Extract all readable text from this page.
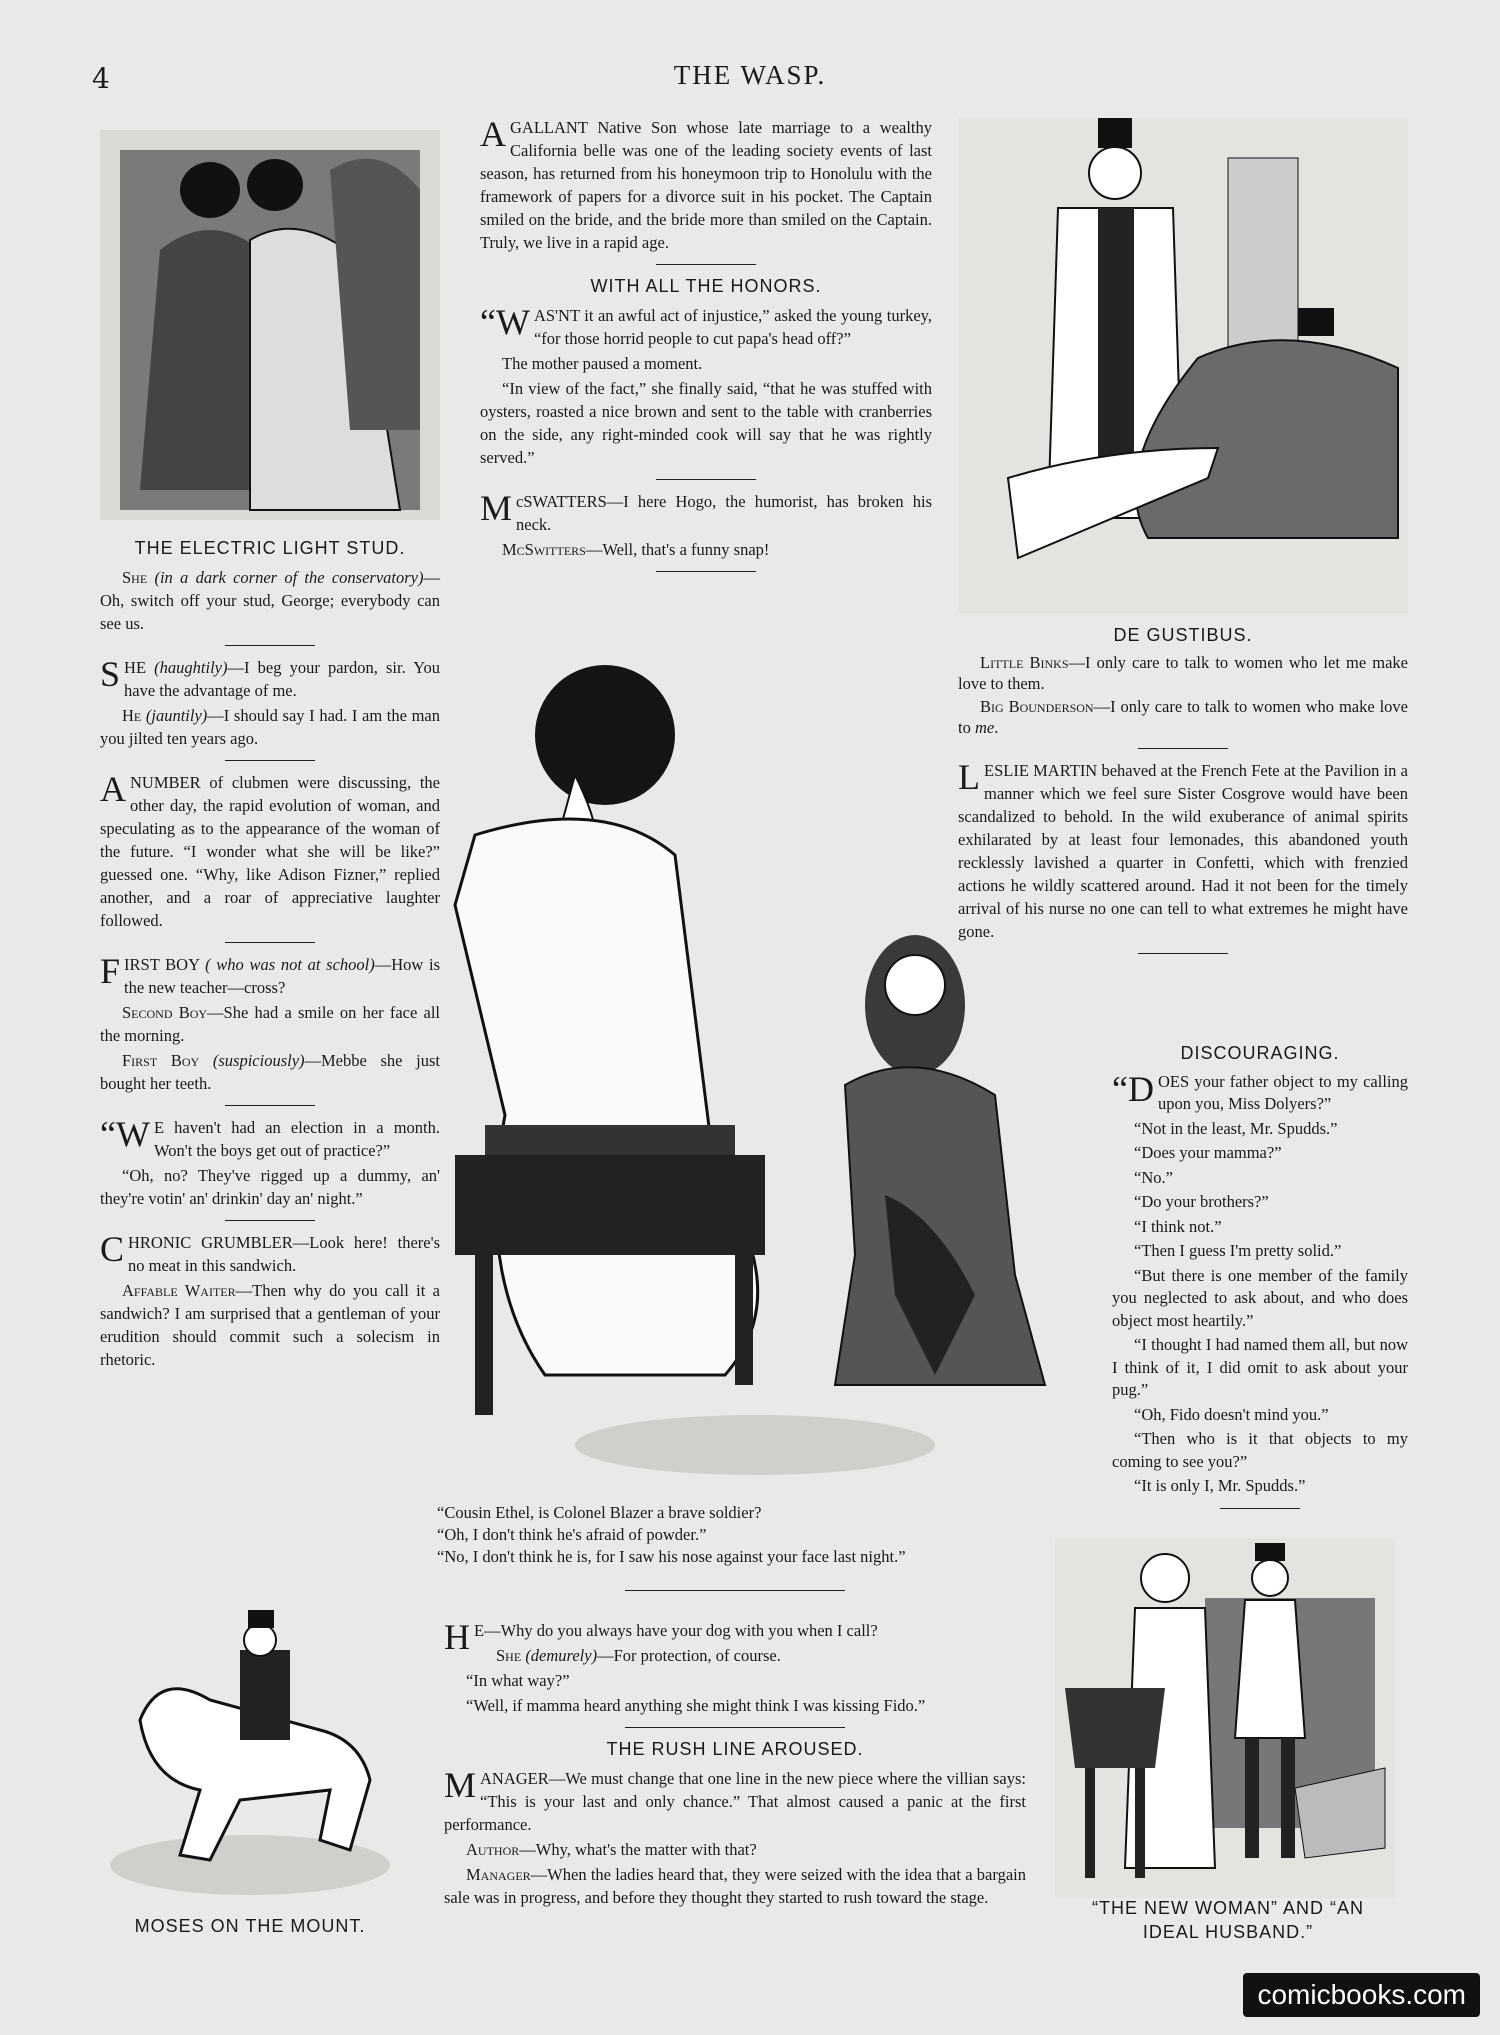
4	THE WASP.
THE ELECTRIC LIGHT STUD.

She (in a dark corner of the conservatory)—Oh, switch off your stud, George; everybody can see us.

SHE (haughtily)—I beg your pardon, sir. You have the advantage of me.

He (jauntily)—I should say I had. I am the man you jilted ten years ago.

A NUMBER of clubmen were discussing, the other day, the rapid evolution of woman, and speculating as to the appearance of the woman of the future. “I wonder what she will be like?” guessed one. “Why, like Adison Fizner,” replied another, and a roar of appreciative laughter followed.

FIRST BOY ( who was not at school)—How is the new teacher—cross?

Second Boy—She had a smile on her face all the morning.

First Boy (suspiciously)—Mebbe she just bought her teeth.

“W E haven't had an election in a month. Won't the boys get out of practice?”

“Oh, no? They've rigged up a dummy, an' they're votin' an' drinkin' day an' night.”

CHRONIC GRUMBLER—Look here! there's no meat in this sandwich.

Affable Waiter—Then why do you call it a sandwich? I am surprised that a gentleman of your erudition should commit such a solecism in rhetoric.

MOSES ON THE MOUNT.

A GALLANT Native Son whose late marriage to a wealthy California belle was one of the leading society events of last season, has returned from his honeymoon trip to Honolulu with the framework of papers for a divorce suit in his pocket. The Captain smiled on the bride, and the bride more than smiled on the Captain. Truly, we live in a rapid age.

WITH ALL THE HONORS.

“WAS'NT it an awful act of injustice,” asked the young turkey, “for those horrid people to cut papa's head off?”

The mother paused a moment.

“In view of the fact,” she finally said, “that he was stuffed with oysters, roasted a nice brown and sent to the table with cranberries on the side, any right-minded cook will say that he was rightly served.”

McSWATTERS—I here Hogo, the humorist, has broken his neck.

McSwitters—Well, that's a funny snap!

“Cousin Ethel, is Colonel Blazer a brave soldier?

“Oh, I don't think he's afraid of powder.”

“No, I don't think he is, for I saw his nose against your face last night.”

H E—Why do you always have your dog with you when I call?

She (demurely)—For protection, of course.

“In what way?”

“Well, if mamma heard anything she might think I was kissing Fido.”

THE RUSH LINE AROUSED.

MANAGER—We must change that one line in the new piece where the villian says: “This is your last and only chance.” That almost caused a panic at the first performance.

Author—Why, what's the matter with that?

Manager—When the ladies heard that, they were seized with the idea that a bargain sale was in progress, and before they thought they started to rush toward the stage.

DE GUSTIBUS.

Little Binks—I only care to talk to women who let me make love to them.

Big Bounderson—I only care to talk to women who make love to me.

LESLIE MARTIN behaved at the French Fete at the Pavilion in a manner which we feel sure Sister Cosgrove would have been scandalized to behold. In the wild exuberance of animal spirits exhilarated by at least four lemonades, this abandoned youth recklessly lavished a quarter in Confetti, which with frenzied actions he wildly scattered around. Had it not been for the timely arrival of his nurse no one can tell to what extremes he might have gone.

DISCOURAGING.

“DOES your father object to my calling upon you, Miss Dolyers?”

“Not in the least, Mr. Spudds.”

“Does your mamma?”

“No.”

“Do your brothers?”

“I think not.”

“Then I guess I'm pretty solid.”

“But there is one member of the family you neglected to ask about, and who does object most heartily.”

“I thought I had named them all, but now I think of it, I did omit to ask about your pug.”

“Oh, Fido doesn't mind you.”

“Then who is it that objects to my coming to see you?”

“It is only I, Mr. Spudds.”

“THE NEW WOMAN” AND “AN
IDEAL HUSBAND.”
comicbooks.com
